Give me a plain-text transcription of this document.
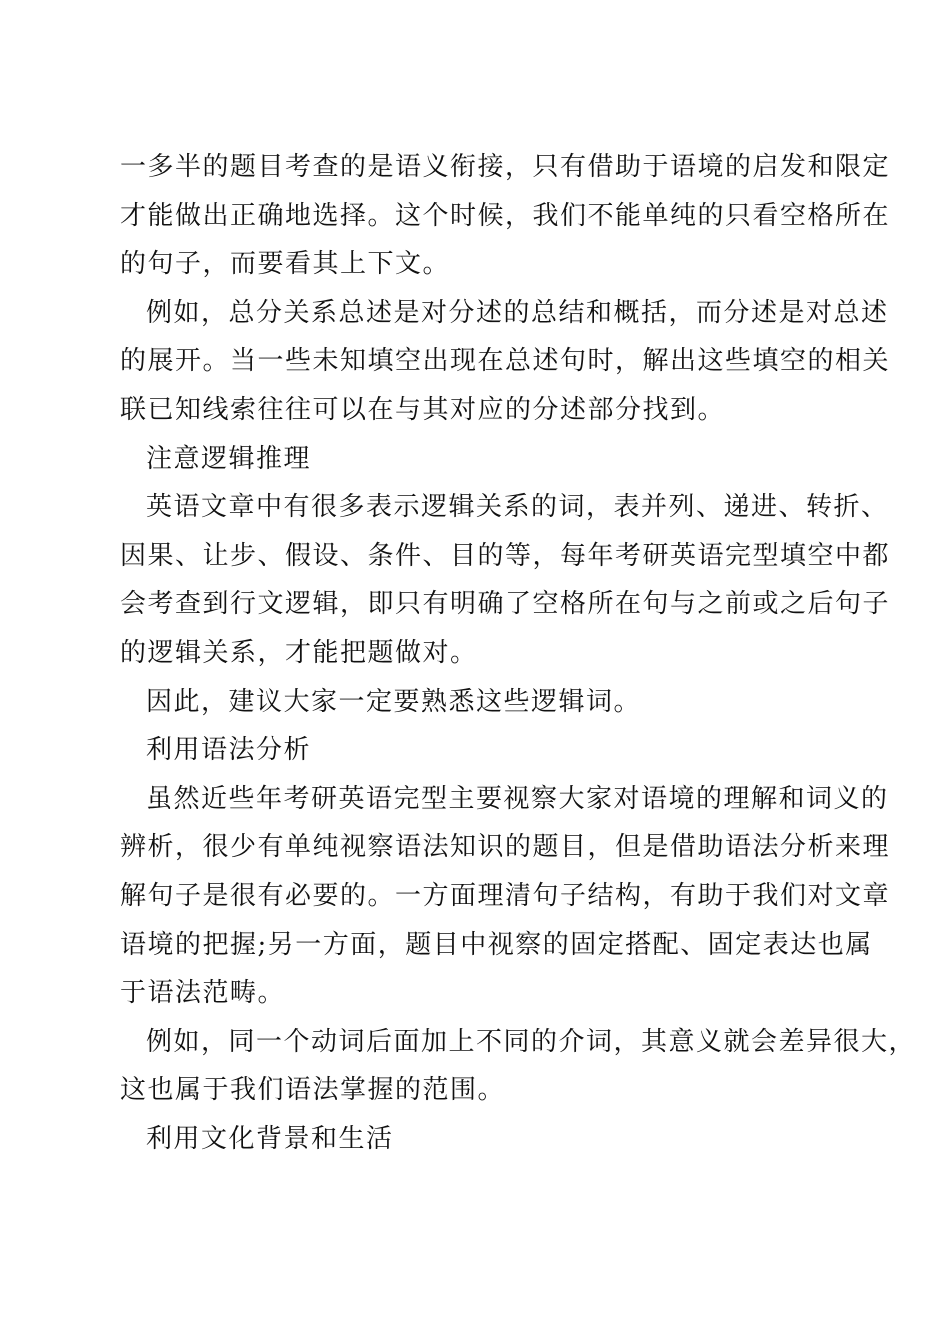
一多半的题目考查的是语义衔接，只有借助于语境的启发和限定

才能做出正确地选择。这个时候，我们不能单纯的只看空格所在

的句子，而要看其上下文。

例如，总分关系总述是对分述的总结和概括，而分述是对总述

的展开。当一些未知填空出现在总述句时，解出这些填空的相关

联已知线索往往可以在与其对应的分述部分找到。

注意逻辑推理

英语文章中有很多表示逻辑关系的词，表并列、递进、转折、

因果、让步、假设、条件、目的等，每年考研英语完型填空中都

会考查到行文逻辑，即只有明确了空格所在句与之前或之后句子

的逻辑关系，才能把题做对。

因此，建议大家一定要熟悉这些逻辑词。

利用语法分析

虽然近些年考研英语完型主要视察大家对语境的理解和词义的

辨析，很少有单纯视察语法知识的题目，但是借助语法分析来理

解句子是很有必要的。一方面理清句子结构，有助于我们对文章

语境的把握;另一方面，题目中视察的固定搭配、固定表达也属

于语法范畴。

例如，同一个动词后面加上不同的介词，其意义就会差异很大，

这也属于我们语法掌握的范围。

利用文化背景和生活
